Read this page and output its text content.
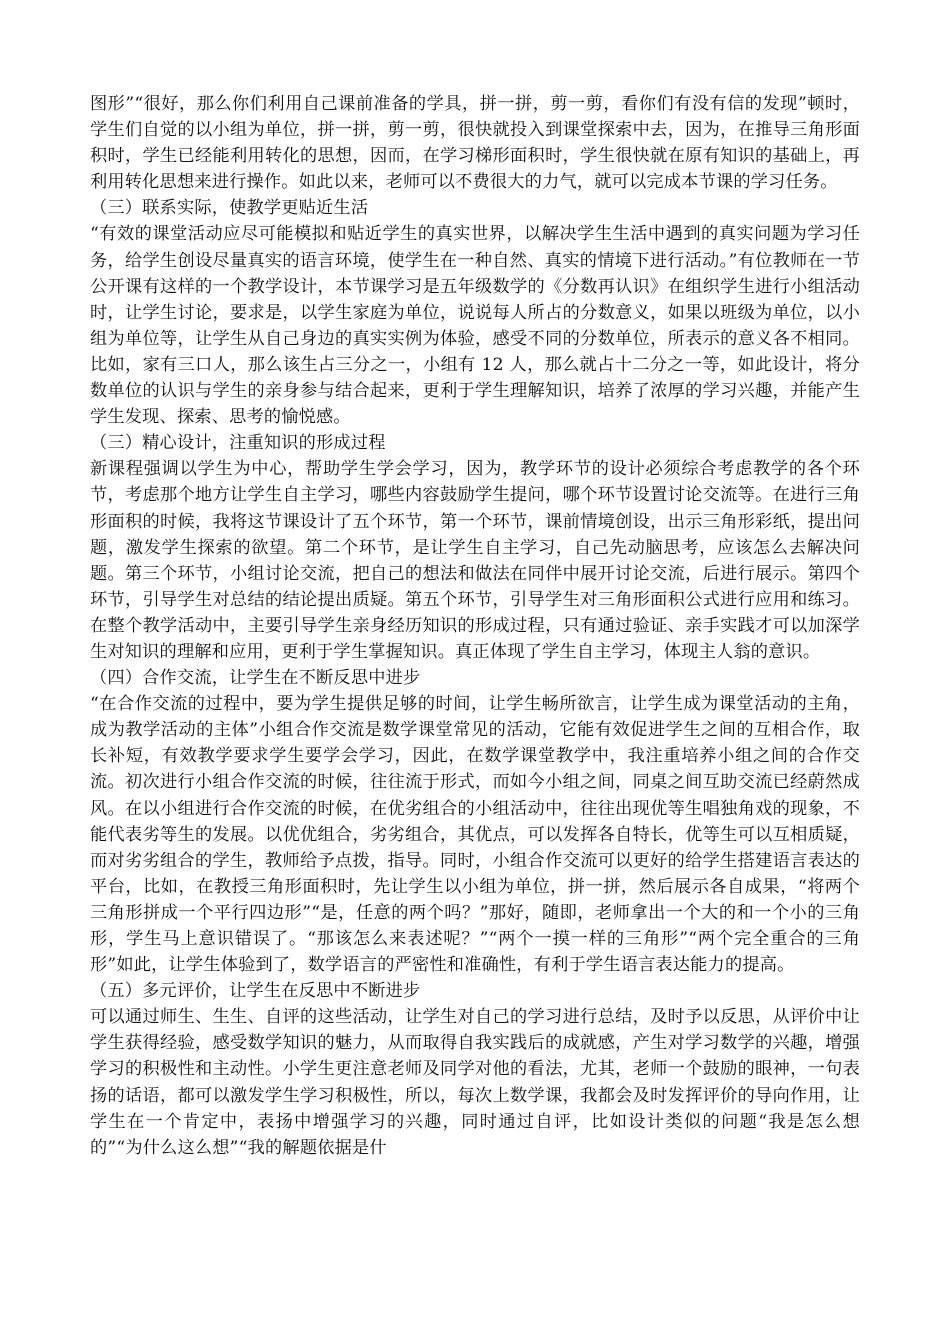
图形”“很好，那么你们利用自己课前准备的学具，拼一拼，剪一剪，看你们有没有信的发现”顿时，学生们自觉的以小组为单位，拼一拼，剪一剪，很快就投入到课堂探索中去，因为，在推导三角形面积时，学生已经能利用转化的思想，因而，在学习梯形面积时，学生很快就在原有知识的基础上，再利用转化思想来进行操作。如此以来，老师可以不费很大的力气，就可以完成本节课的学习任务。

（三）联系实际，使教学更贴近生活

“有效的课堂活动应尽可能模拟和贴近学生的真实世界，以解决学生生活中遇到的真实问题为学习任务，给学生创设尽量真实的语言环境，使学生在一种自然、真实的情境下进行活动。”有位教师在一节公开课有这样的一个教学设计，本节课学习是五年级数学的《分数再认识》在组织学生进行小组活动时，让学生讨论，要求是，以学生家庭为单位，说说每人所占的分数意义，如果以班级为单位，以小组为单位等，让学生从自己身边的真实实例为体验，感受不同的分数单位，所表示的意义各不相同。比如，家有三口人，那么该生占三分之一，小组有 12 人，那么就占十二分之一等，如此设计，将分数单位的认识与学生的亲身参与结合起来，更利于学生理解知识，培养了浓厚的学习兴趣，并能产生学生发现、探索、思考的愉悦感。

（三）精心设计，注重知识的形成过程

新课程强调以学生为中心，帮助学生学会学习，因为，教学环节的设计必须综合考虑教学的各个环节，考虑那个地方让学生自主学习，哪些内容鼓励学生提问，哪个环节设置讨论交流等。在进行三角形面积的时候，我将这节课设计了五个环节，第一个环节，课前情境创设，出示三角形彩纸，提出问题，激发学生探索的欲望。第二个环节，是让学生自主学习，自己先动脑思考，应该怎么去解决问题。第三个环节，小组讨论交流，把自己的想法和做法在同伴中展开讨论交流，后进行展示。第四个环节，引导学生对总结的结论提出质疑。第五个环节，引导学生对三角形面积公式进行应用和练习。在整个教学活动中，主要引导学生亲身经历知识的形成过程，只有通过验证、亲手实践才可以加深学生对知识的理解和应用，更利于学生掌握知识。真正体现了学生自主学习，体现主人翁的意识。

（四）合作交流，让学生在不断反思中进步

“在合作交流的过程中，要为学生提供足够的时间，让学生畅所欲言，让学生成为课堂活动的主角，成为教学活动的主体”小组合作交流是数学课堂常见的活动，它能有效促进学生之间的互相合作，取长补短，有效教学要求学生要学会学习，因此，在数学课堂教学中，我注重培养小组之间的合作交流。初次进行小组合作交流的时候，往往流于形式，而如今小组之间，同桌之间互助交流已经蔚然成风。在以小组进行合作交流的时候，在优劣组合的小组活动中，往往出现优等生唱独角戏的现象，不能代表劣等生的发展。以优优组合，劣劣组合，其优点，可以发挥各自特长，优等生可以互相质疑，而对劣劣组合的学生，教师给予点拨，指导。同时，小组合作交流可以更好的给学生搭建语言表达的平台，比如，在教授三角形面积时，先让学生以小组为单位，拼一拼，然后展示各自成果，“将两个三角形拼成一个平行四边形”“是，任意的两个吗？”那好，随即，老师拿出一个大的和一个小的三角形，学生马上意识错误了。“那该怎么来表述呢？”“两个一摸一样的三角形”“两个完全重合的三角形”如此，让学生体验到了，数学语言的严密性和准确性，有利于学生语言表达能力的提高。

（五）多元评价，让学生在反思中不断进步

可以通过师生、生生、自评的这些活动，让学生对自己的学习进行总结，及时予以反思，从评价中让学生获得经验，感受数学知识的魅力，从而取得自我实践后的成就感，产生对学习数学的兴趣，增强学习的积极性和主动性。小学生更注意老师及同学对他的看法，尤其，老师一个鼓励的眼神，一句表扬的话语，都可以激发学生学习积极性，所以，每次上数学课，我都会及时发挥评价的导向作用，让学生在一个肯定中，表扬中增强学习的兴趣，同时通过自评，比如设计类似的问题“我是怎么想的”“为什么这么想”“我的解题依据是什
